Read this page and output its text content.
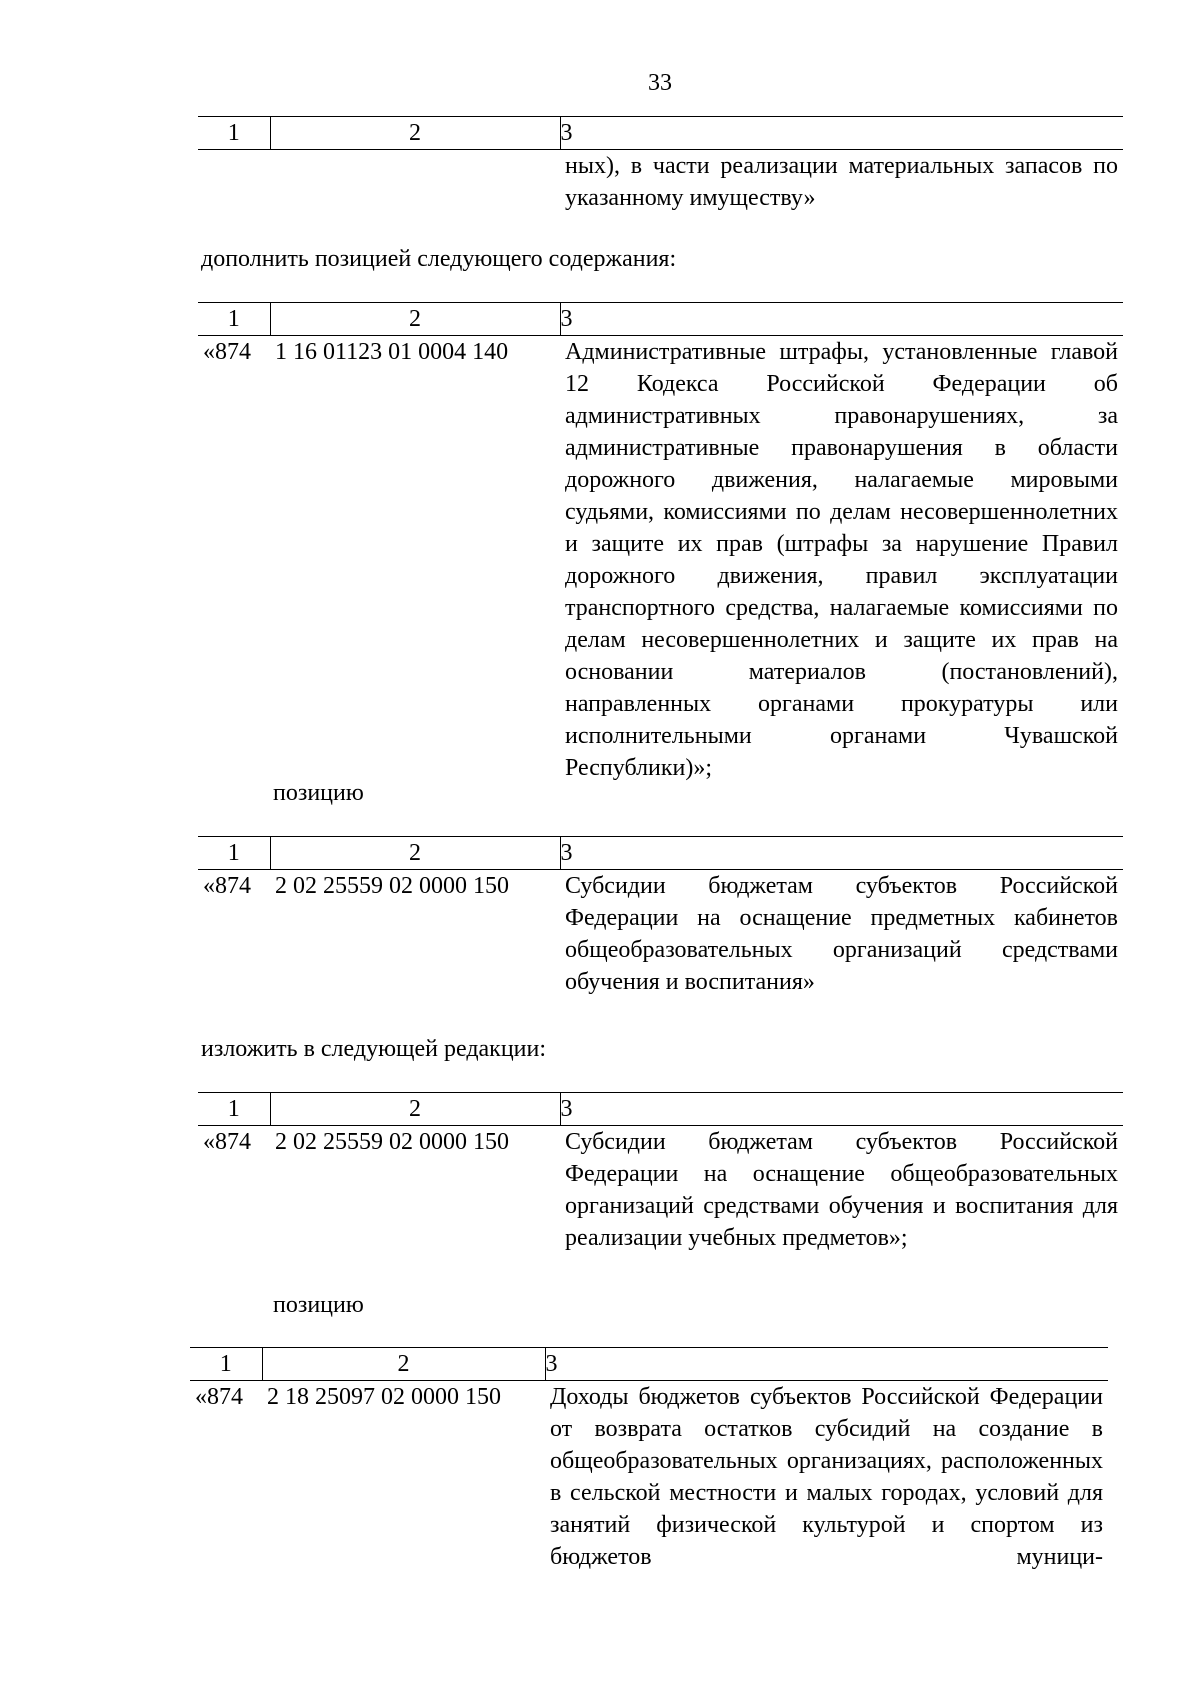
33
1	2	3
		ных), в части реализации материальных запасов по указанному имуществу»
дополнить позицией следующего содержания:
1	2	3
«874	1 16 01123 01 0004 140	Административные штрафы, установленные главой 12 Кодекса Российской Федерации об административных правонарушениях, за административные правонарушения в области дорожного движения, налагаемые мировыми судьями, комиссиями по делам несовершеннолетних и защите их прав (штрафы за нарушение Правил дорожного движения, правил эксплуатации транспортного средства, налагаемые комиссиями по делам несовершеннолетних и защите их прав на основании материалов (постановлений), направленных органами прокуратуры или исполнительными органами Чувашской Республики)»;
позицию
1	2	3
«874	2 02 25559 02 0000 150	Субсидии бюджетам субъектов Российской Федерации на оснащение предметных кабинетов общеобразовательных организаций средствами обучения и воспитания»
изложить в следующей редакции:
1	2	3
«874	2 02 25559 02 0000 150	Субсидии бюджетам субъектов Российской Федерации на оснащение общеобразовательных организаций средствами обучения и воспитания для реализации учебных предметов»;
позицию
1	2	3
«874	2 18 25097 02 0000 150	Доходы бюджетов субъектов Российской Федерации от возврата остатков субсидий на создание в общеобразовательных организациях, расположенных в сельской местности и малых городах, условий для занятий физической культурой и спортом из бюджетов муници-
